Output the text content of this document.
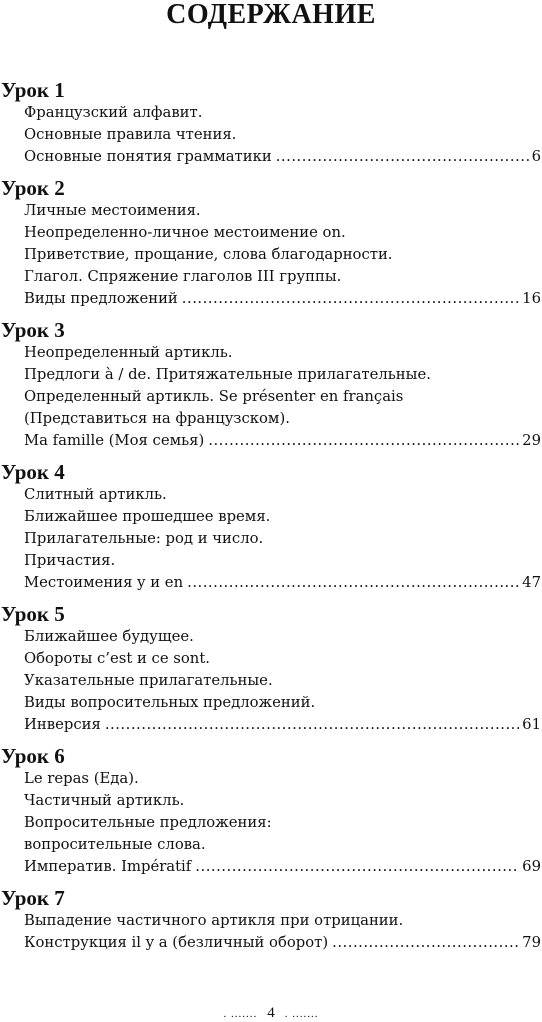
СОДЕРЖАНИЕ
Урок 1
Французский алфавит.
Основные правила чтения.
Основные понятия грамматики .....	6
Урок 2
Личные местоимения.
Неопределенно-личное местоимение on.
Приветствие, прощание, слова благодарности.
Глагол. Спряжение глаголов III группы.
Виды предложений .....	16
Урок 3
Неопределенный артикль.
Предлоги à / de. Притяжательные прилагательные.
Определенный артикль. Se présenter en français
(Представиться на французском).
Ma famille (Моя семья) .....	29
Урок 4
Слитный артикль.
Ближайшее прошедшее время.
Прилагательные: род и число.
Причастия.
Местоимения y и en .....	47
Урок 5
Ближайшее будущее.
Обороты c’est и ce sont.
Указательные прилагательные.
Виды вопросительных предложений.
Инверсия .....	61
Урок 6
Le repas (Еда).
Частичный артикль.
Вопросительные предложения:
вопросительные слова.
Императив. Impératif .....	69
Урок 7
Выпадение частичного артикля при отрицании.
Конструкция il y a (безличный оборот) .....	79
. ....... 4 . .......
